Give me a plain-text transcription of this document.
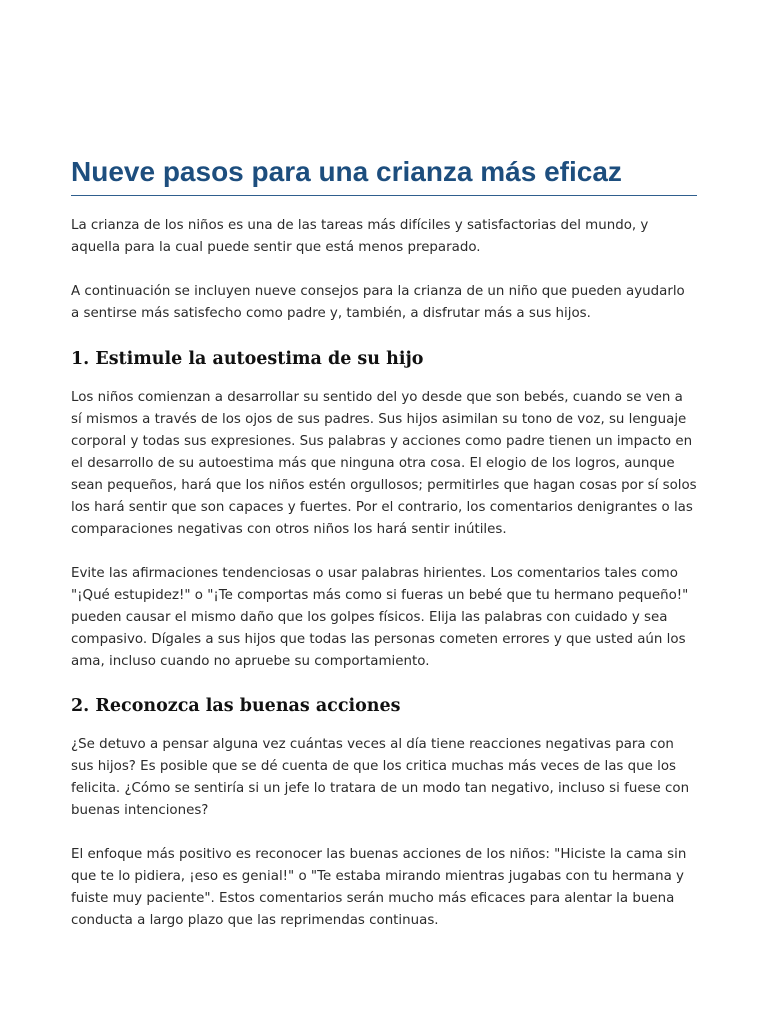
Nueve pasos para una crianza más eficaz

La crianza de los niños es una de las tareas más difíciles y satisfactorias del mundo, y aquella para la cual puede sentir que está menos preparado.

A continuación se incluyen nueve consejos para la crianza de un niño que pueden ayudarlo a sentirse más satisfecho como padre y, también, a disfrutar más a sus hijos.

1. Estimule la autoestima de su hijo

Los niños comienzan a desarrollar su sentido del yo desde que son bebés, cuando se ven a sí mismos a través de los ojos de sus padres. Sus hijos asimilan su tono de voz, su lenguaje corporal y todas sus expresiones. Sus palabras y acciones como padre tienen un impacto en el desarrollo de su autoestima más que ninguna otra cosa. El elogio de los logros, aunque sean pequeños, hará que los niños estén orgullosos; permitirles que hagan cosas por sí solos los hará sentir que son capaces y fuertes. Por el contrario, los comentarios denigrantes o las comparaciones negativas con otros niños los hará sentir inútiles.

Evite las afirmaciones tendenciosas o usar palabras hirientes. Los comentarios tales como "¡Qué estupidez!" o "¡Te comportas más como si fueras un bebé que tu hermano pequeño!" pueden causar el mismo daño que los golpes físicos. Elija las palabras con cuidado y sea compasivo. Dígales a sus hijos que todas las personas cometen errores y que usted aún los ama, incluso cuando no apruebe su comportamiento.

2. Reconozca las buenas acciones

¿Se detuvo a pensar alguna vez cuántas veces al día tiene reacciones negativas para con sus hijos? Es posible que se dé cuenta de que los critica muchas más veces de las que los felicita. ¿Cómo se sentiría si un jefe lo tratara de un modo tan negativo, incluso si fuese con buenas intenciones?

El enfoque más positivo es reconocer las buenas acciones de los niños: "Hiciste la cama sin que te lo pidiera, ¡eso es genial!" o "Te estaba mirando mientras jugabas con tu hermana y fuiste muy paciente". Estos comentarios serán mucho más eficaces para alentar la buena conducta a largo plazo que las reprimendas continuas.
